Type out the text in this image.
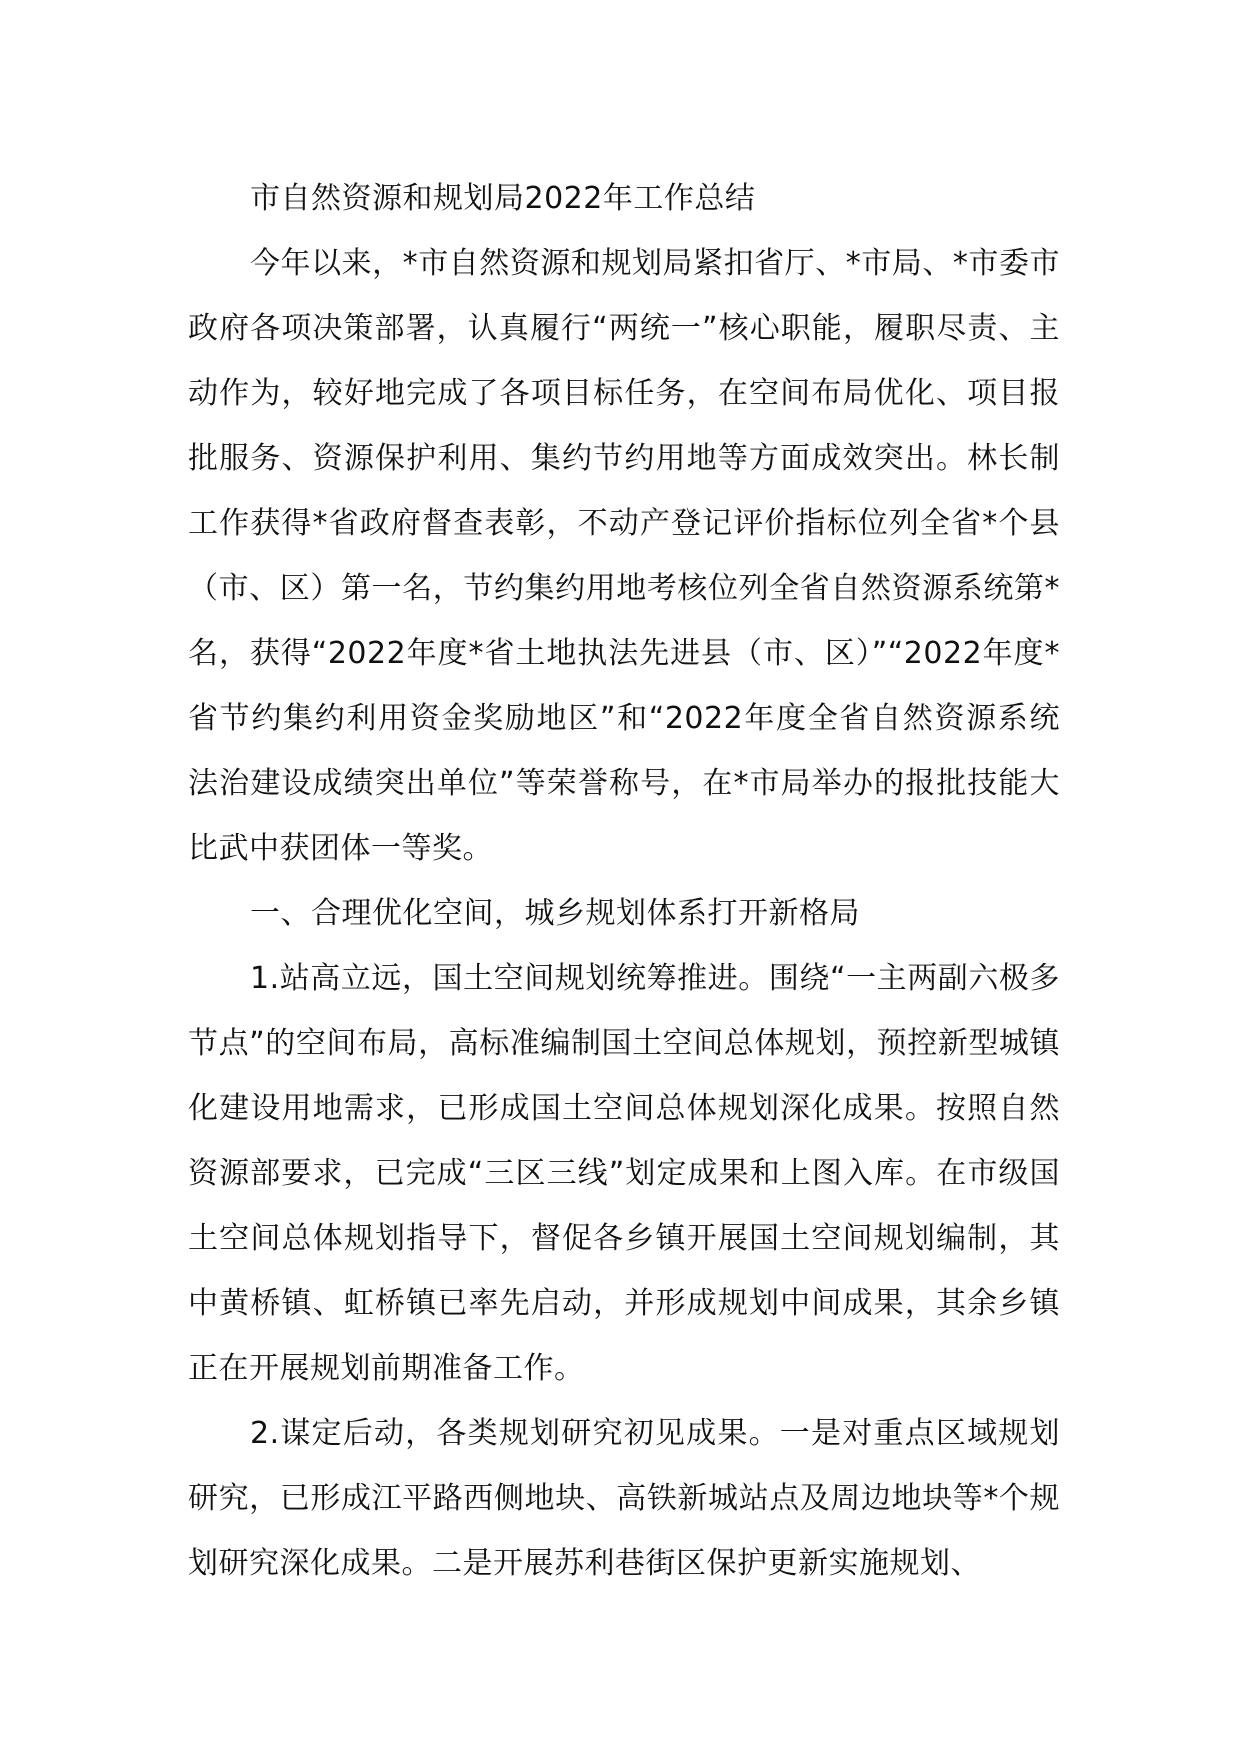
市自然资源和规划局2022年工作总结

今年以来，*市自然资源和规划局紧扣省厅、*市局、*市委市政府各项决策部署，认真履行“两统一”核心职能，履职尽责、主动作为，较好地完成了各项目标任务，在空间布局优化、项目报批服务、资源保护利用、集约节约用地等方面成效突出。林长制工作获得*省政府督查表彰，不动产登记评价指标位列全省*个县（市、区）第一名，节约集约用地考核位列全省自然资源系统第*名，获得“2022年度*省土地执法先进县（市、区）”“2022年度*省节约集约利用资金奖励地区”和“2022年度全省自然资源系统法治建设成绩突出单位”等荣誉称号，在*市局举办的报批技能大比武中获团体一等奖。

一、合理优化空间，城乡规划体系打开新格局

1.站高立远，国土空间规划统筹推进。围绕“一主两副六极多节点”的空间布局，高标准编制国土空间总体规划，预控新型城镇化建设用地需求，已形成国土空间总体规划深化成果。按照自然资源部要求，已完成“三区三线”划定成果和上图入库。在市级国土空间总体规划指导下，督促各乡镇开展国土空间规划编制，其中黄桥镇、虹桥镇已率先启动，并形成规划中间成果，其余乡镇正在开展规划前期准备工作。

2.谋定后动，各类规划研究初见成果。一是对重点区域规划研究，已形成江平路西侧地块、高铁新城站点及周边地块等*个规划研究深化成果。二是开展苏利巷街区保护更新实施规划、
